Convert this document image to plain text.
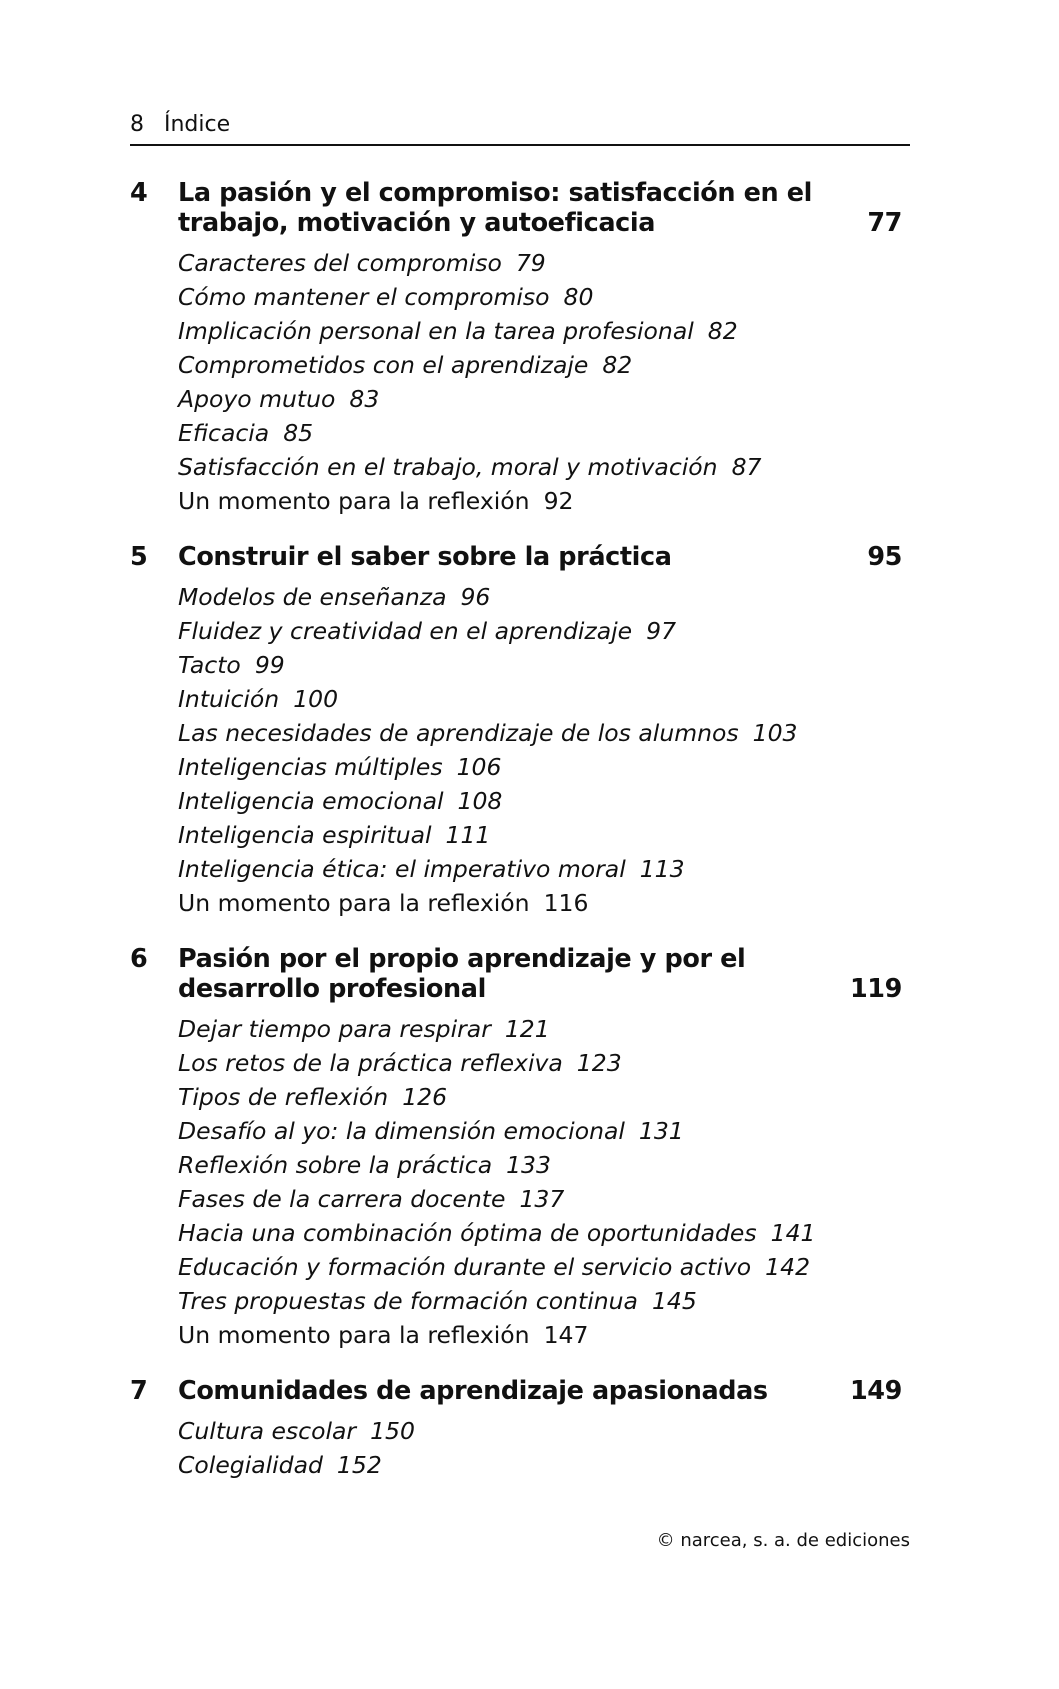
8 Índice
4 La pasión y el compromiso: satisfacción en el trabajo, motivación y autoeficacia	77
Caracteres del compromiso 79
Cómo mantener el compromiso 80
Implicación personal en la tarea profesional 82
Comprometidos con el aprendizaje 82
Apoyo mutuo 83
Eficacia 85
Satisfacción en el trabajo, moral y motivación 87
Un momento para la reflexión 92
5 Construir el saber sobre la práctica	95
Modelos de enseñanza 96
Fluidez y creatividad en el aprendizaje 97
Tacto 99
Intuición 100
Las necesidades de aprendizaje de los alumnos 103
Inteligencias múltiples 106
Inteligencia emocional 108
Inteligencia espiritual 111
Inteligencia ética: el imperativo moral 113
Un momento para la reflexión 116
6 Pasión por el propio aprendizaje y por el desarrollo profesional	119
Dejar tiempo para respirar 121
Los retos de la práctica reflexiva 123
Tipos de reflexión 126
Desafío al yo: la dimensión emocional 131
Reflexión sobre la práctica 133
Fases de la carrera docente 137
Hacia una combinación óptima de oportunidades 141
Educación y formación durante el servicio activo 142
Tres propuestas de formación continua 145
Un momento para la reflexión 147
7 Comunidades de aprendizaje apasionadas	149
Cultura escolar 150
Colegialidad 152
© narcea, s. a. de ediciones
